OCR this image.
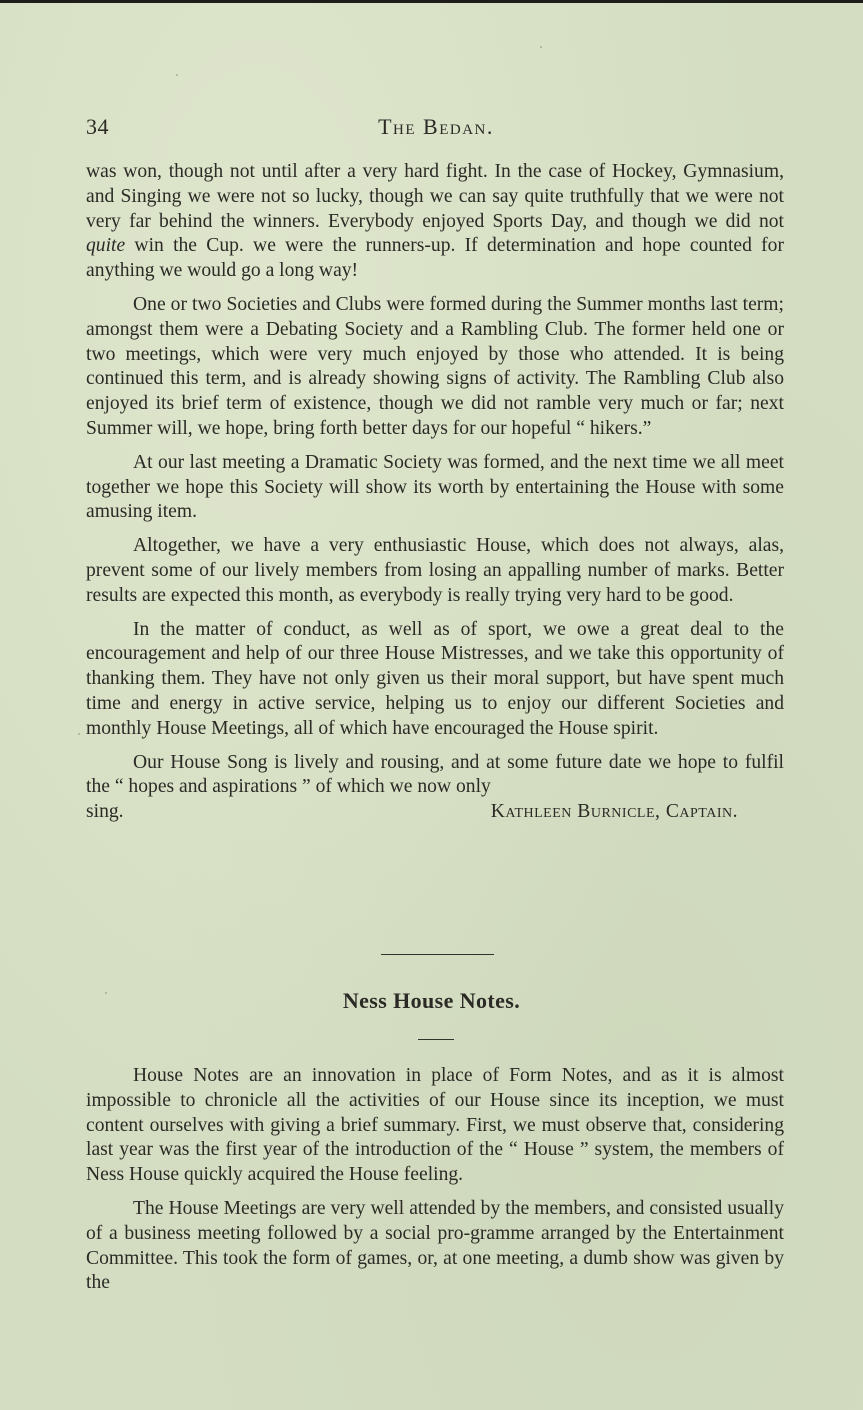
34	The Bedan.

was won, though not until after a very hard fight. In the case of Hockey, Gymnasium, and Singing we were not so lucky, though we can say quite truthfully that we were not very far behind the winners. Everybody enjoyed Sports Day, and though we did not quite win the Cup. we were the runners-up. If determination and hope counted for anything we would go a long way!

One or two Societies and Clubs were formed during the Summer months last term; amongst them were a Debating Society and a Rambling Club. The former held one or two meetings, which were very much enjoyed by those who attended. It is being continued this term, and is already showing signs of activity. The Rambling Club also enjoyed its brief term of existence, though we did not ramble very much or far; next Summer will, we hope, bring forth better days for our hopeful “ hikers.”

At our last meeting a Dramatic Society was formed, and the next time we all meet together we hope this Society will show its worth by entertaining the House with some amusing item.

Altogether, we have a very enthusiastic House, which does not always, alas, prevent some of our lively members from losing an appalling number of marks. Better results are expected this month, as everybody is really trying very hard to be good.

In the matter of conduct, as well as of sport, we owe a great deal to the encouragement and help of our three House Mistresses, and we take this opportunity of thanking them. They have not only given us their moral support, but have spent much time and energy in active service, helping us to enjoy our different Societies and monthly House Meetings, all of which have encouraged the House spirit.

Our House Song is lively and rousing, and at some future date we hope to fulfil the “ hopes and aspirations ” of which we now only

sing.	Kathleen Burnicle, Captain.
Ness House Notes.

House Notes are an innovation in place of Form Notes, and as it is almost impossible to chronicle all the activities of our House since its inception, we must content ourselves with giving a brief summary. First, we must observe that, considering last year was the first year of the introduction of the “ House ” system, the members of Ness House quickly acquired the House feeling.

The House Meetings are very well attended by the members, and consisted usually of a business meeting followed by a social pro-gramme arranged by the Entertainment Committee. This took the form of games, or, at one meeting, a dumb show was given by the
